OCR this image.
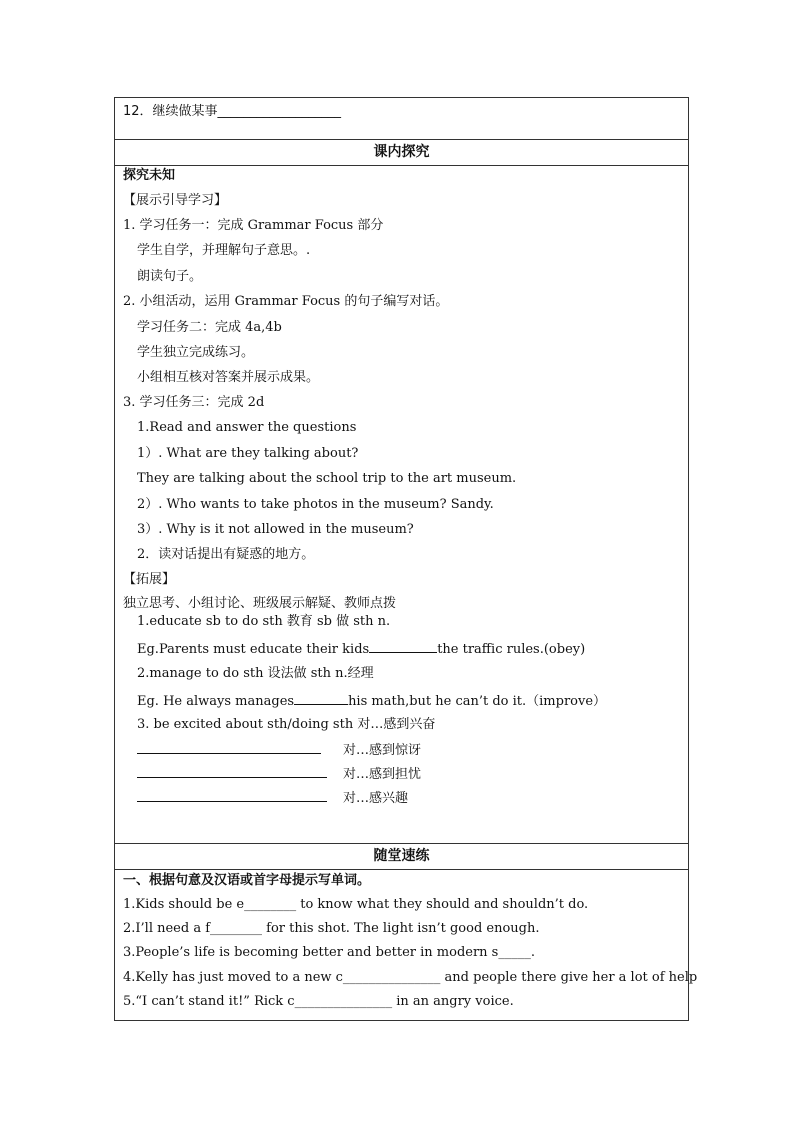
12．继续做某事___________________
课内探究
探究未知
【展示引导学习】
1. 学习任务一：完成 Grammar Focus 部分
学生自学，并理解句子意思。.
朗读句子。
2. 小组活动，运用 Grammar Focus 的句子编写对话。
学习任务二：完成 4a,4b
学生独立完成练习。
小组相互核对答案并展示成果。
3. 学习任务三：完成 2d
1.Read and answer the questions
1）. What are they talking about?
They are talking about the school trip to the art museum.
2）. Who wants to take photos in the museum? Sandy.
3）. Why is it not allowed in the museum?
2．读对话提出有疑惑的地方。
【拓展】
独立思考、小组讨论、班级展示解疑、教师点拨
1.educate sb to do sth 教育 sb 做 sth n.
Eg.Parents must educate their kids	the traffic rules.(obey)
2.manage to do sth 设法做 sth n.经理
Eg. He always manages	his math,but he can’t do it.（improve）
3. be excited about sth/doing sth 对…感到兴奋
对…感到惊讶
对…感到担忧
对…感兴趣
随堂速练
一、根据句意及汉语或首字母提示写单词。
1.Kids should be e________ to know what they should and shouldn’t do.
2.I’ll need a f________ for this shot. The light isn’t good enough.
3.People’s life is becoming better and better in modern s_____.
4.Kelly has just moved to a new c_______________ and people there give her a lot of help
5.“I can’t stand it!” Rick c_______________ in an angry voice.
